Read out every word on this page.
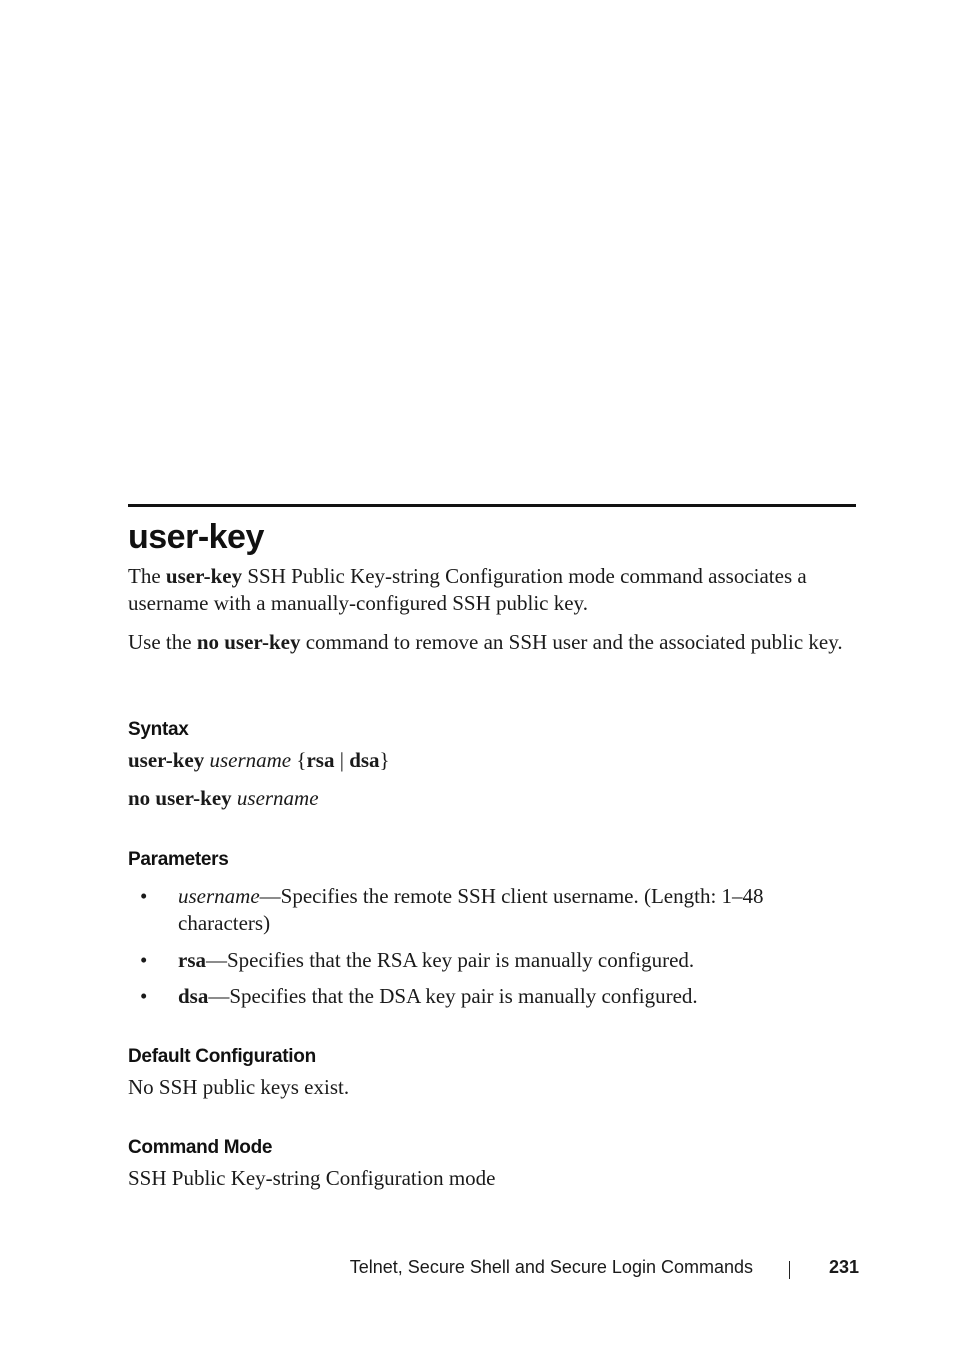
user-key

The user-key SSH Public Key-string Configuration mode command associates a username with a manually-configured SSH public key.

Use the no user-key command to remove an SSH user and the associated public key.

Syntax

user-key username {rsa | dsa}

no user-key username

Parameters
• username—Specifies the remote SSH client username. (Length: 1–48 characters)
• rsa—Specifies that the RSA key pair is manually configured.
• dsa—Specifies that the DSA key pair is manually configured.
Default Configuration

No SSH public keys exist.

Command Mode

SSH Public Key-string Configuration mode

Telnet, Secure Shell and Secure Login Commands	231
